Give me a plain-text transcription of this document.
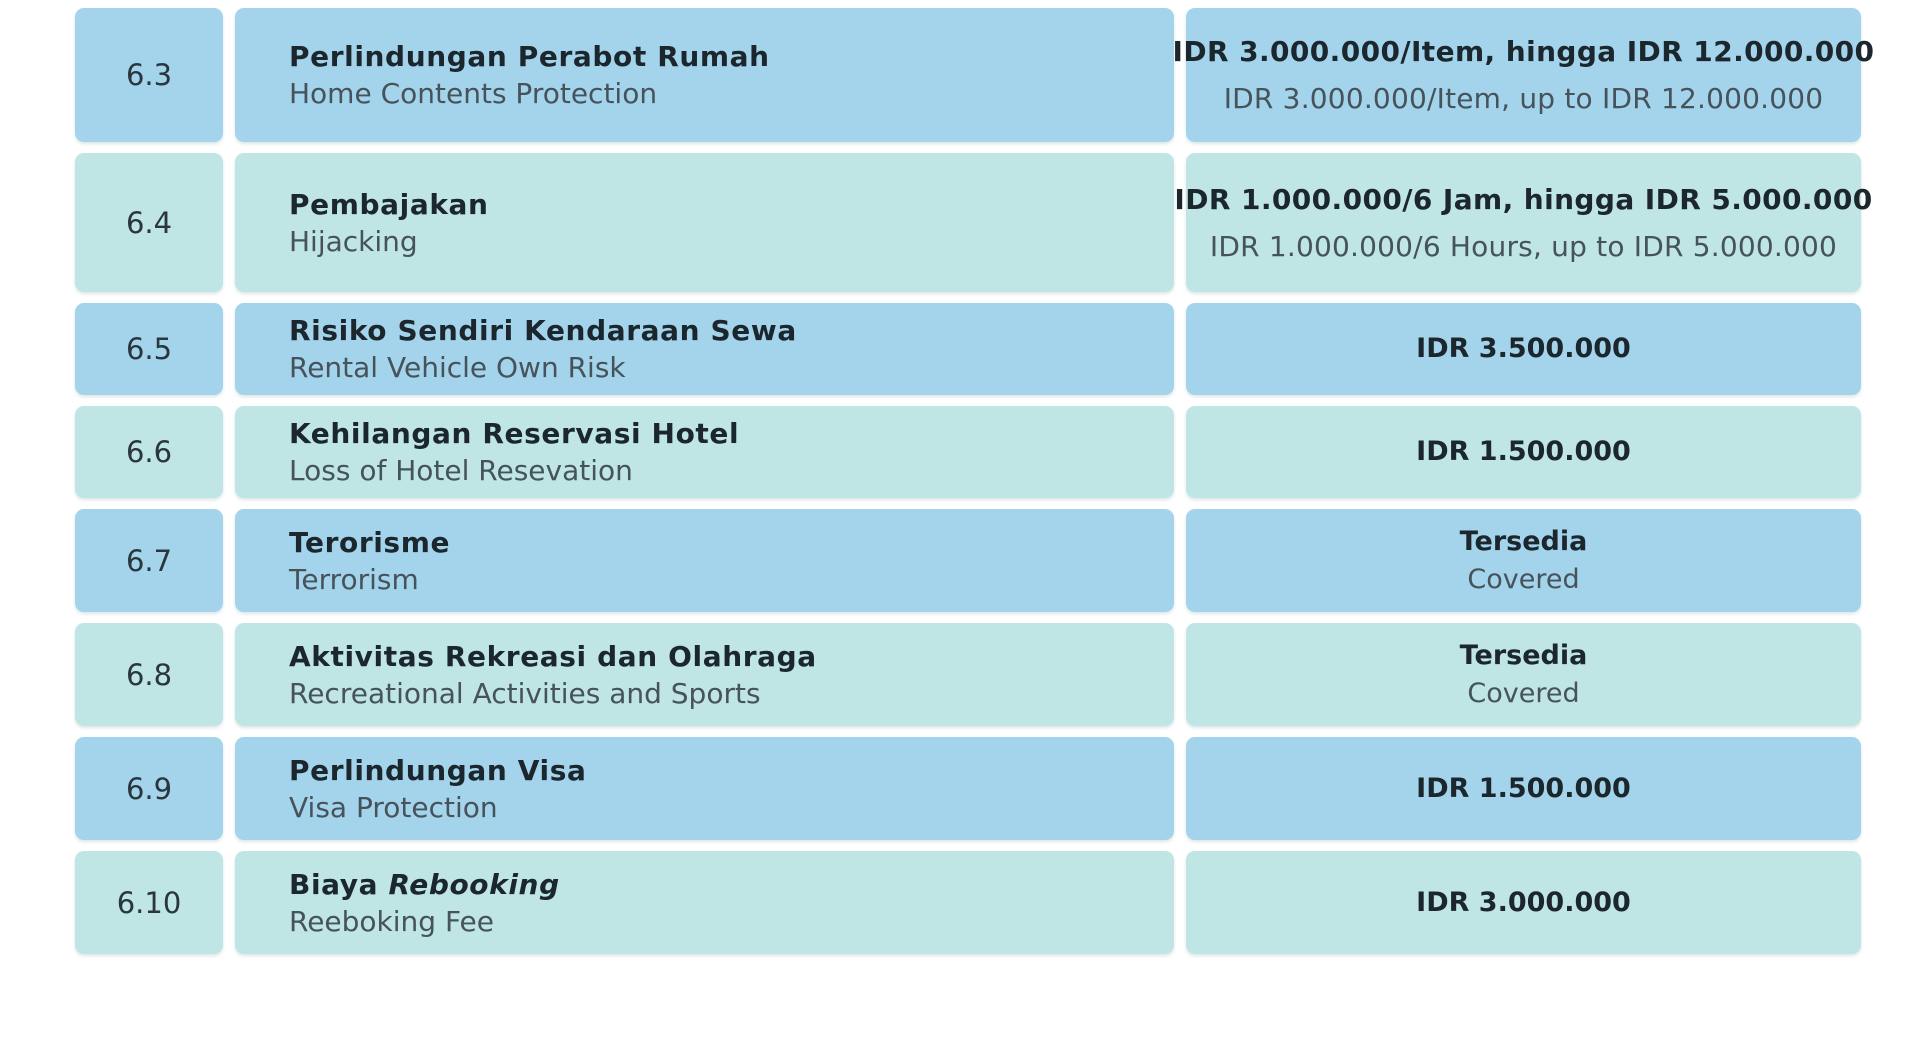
6.3
Perlindungan Perabot Rumah
Home Contents Protection
IDR 3.000.000/Item, hingga IDR 12.000.000
IDR 3.000.000/Item, up to IDR 12.000.000
6.4
Pembajakan
Hijacking
IDR 1.000.000/6 Jam, hingga IDR 5.000.000
IDR 1.000.000/6 Hours, up to IDR 5.000.000
6.5
Risiko Sendiri Kendaraan Sewa
Rental Vehicle Own Risk
IDR 3.500.000
6.6
Kehilangan Reservasi Hotel
Loss of Hotel Resevation
IDR 1.500.000
6.7
Terorisme
Terrorism
Tersedia
Covered
6.8
Aktivitas Rekreasi dan Olahraga
Recreational Activities and Sports
Tersedia
Covered
6.9
Perlindungan Visa
Visa Protection
IDR 1.500.000
6.10
Biaya Rebooking
Reeboking Fee
IDR 3.000.000
